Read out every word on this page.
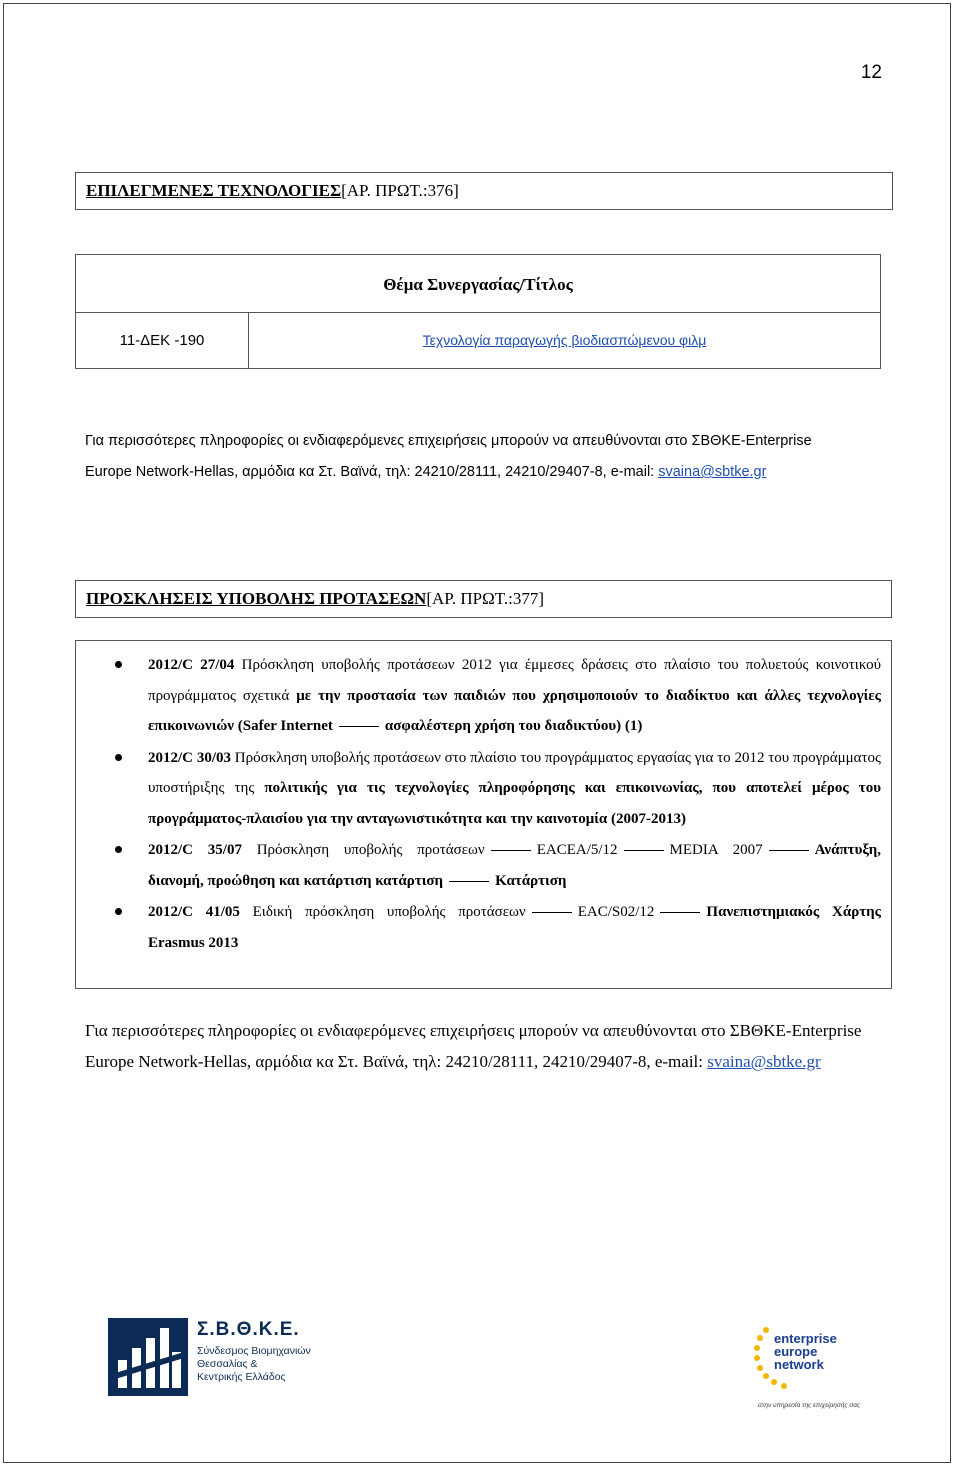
12
ΕΠΙΛΕΓΜΕΝΕΣ ΤΕΧΝΟΛΟΓΙΕΣ [ΑΡ. ΠΡΩΤ.:376]
Θέμα Συνεργασίας/Τίτλος
11-ΔΕΚ -190	Τεχνολογία παραγωγής βιοδιασπώμενου φιλμ
Για περισσότερες πληροφορίες οι ενδιαφερόμενες επιχειρήσεις μπορούν να απευθύνονται στο ΣΒΘΚΕ-Enterprise
Europe Network-Hellas, αρμόδια κα Στ. Βαϊνά, τηλ: 24210/28111, 24210/29407-8, e-mail: svaina@sbtke.gr
ΠΡΟΣΚΛΗΣΕΙΣ ΥΠΟΒΟΛΗΣ ΠΡΟΤΑΣΕΩΝ [ΑΡ. ΠΡΩΤ.:377]
2012/C 27/04 Πρόσκληση υποβολής προτάσεων 2012 για έμμεσες δράσεις στο πλαίσιο του πολυετούς κοινοτικού προγράμματος σχετικά με την προστασία των παιδιών που χρησιμοποιούν το διαδίκτυο και άλλες τεχνολογίες επικοινωνιών (Safer Internet	ασφαλέστερη χρήση του διαδικτύου) (1)
2012/C 30/03 Πρόσκληση υποβολής προτάσεων στο πλαίσιο του προγράμματος εργασίας για το 2012 του προγράμματος υποστήριξης της πολιτικής για τις τεχνολογίες πληροφόρησης και επικοινωνίας, που αποτελεί μέρος του προγράμματος-πλαισίου για την ανταγωνιστικότητα και την καινοτομία (2007-2013)
2012/C 35/07 Πρόσκληση υποβολής προτάσεων	EACEA/5/12	MEDIA 2007	Ανάπτυξη, διανομή, προώθηση και κατάρτιση κατάρτιση	Κατάρτιση
2012/C 41/05 Ειδική πρόσκληση υποβολής προτάσεων	EAC/S02/12	Πανεπιστημιακός Χάρτης Erasmus 2013
Για περισσότερες πληροφορίες οι ενδιαφερόμενες επιχειρήσεις μπορούν να απευθύνονται στο ΣΒΘΚΕ-Enterprise
Europe Network-Hellas, αρμόδια κα Στ. Βαϊνά, τηλ: 24210/28111, 24210/29407-8, e-mail: svaina@sbtke.gr
Σ.Β.Θ.Κ.Ε.
Σύνδεσμος Βιομηχανιών
Θεσσαλίας &
Κεντρικής Ελλάδος
enterprise
europe
network
στην υπηρεσία της επιχείρησής σας
